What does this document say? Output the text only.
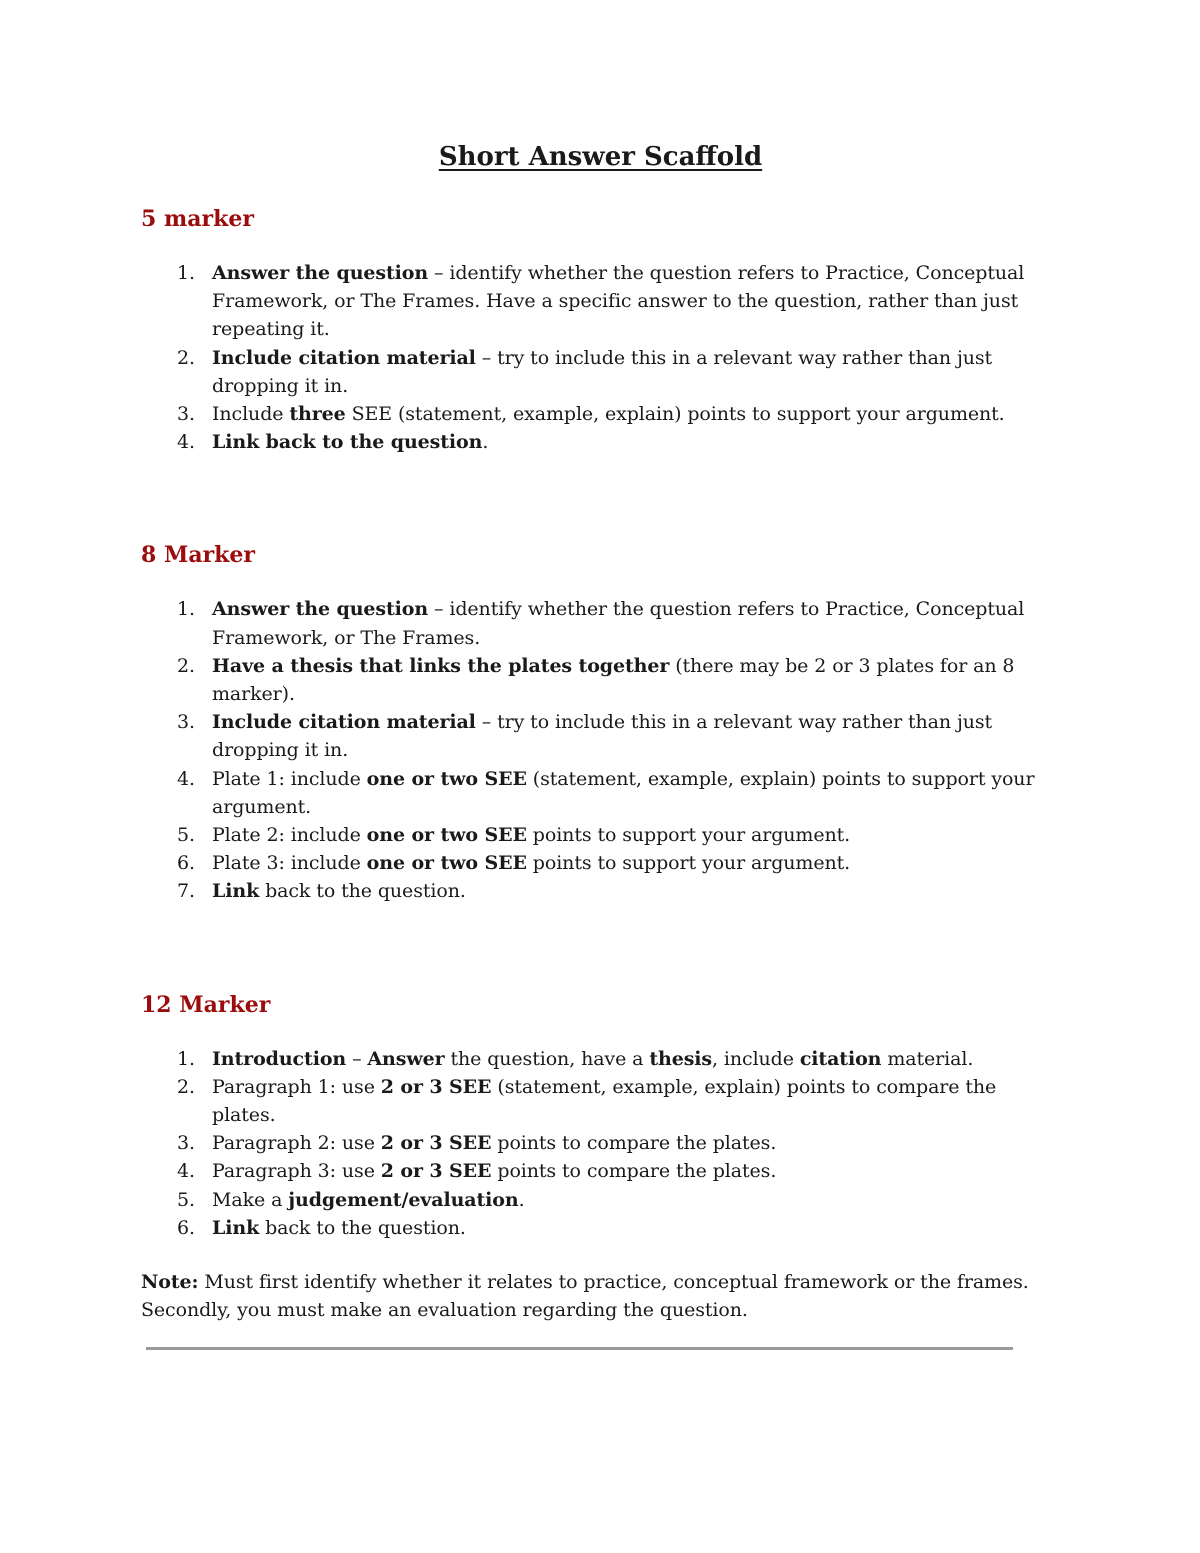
Short Answer Scaffold
5 marker
1. Answer the question – identify whether the question refers to Practice, Conceptual Framework, or The Frames. Have a specific answer to the question, rather than just repeating it.
2. Include citation material – try to include this in a relevant way rather than just dropping it in.
3. Include three SEE (statement, example, explain) points to support your argument.
4. Link back to the question.
8 Marker
1. Answer the question – identify whether the question refers to Practice, Conceptual Framework, or The Frames.
2. Have a thesis that links the plates together (there may be 2 or 3 plates for an 8 marker).
3. Include citation material – try to include this in a relevant way rather than just dropping it in.
4. Plate 1: include one or two SEE (statement, example, explain) points to support your argument.
5. Plate 2: include one or two SEE points to support your argument.
6. Plate 3: include one or two SEE points to support your argument.
7. Link back to the question.
12 Marker
1. Introduction – Answer the question, have a thesis, include citation material.
2. Paragraph 1: use 2 or 3 SEE (statement, example, explain) points to compare the plates.
3. Paragraph 2: use 2 or 3 SEE points to compare the plates.
4. Paragraph 3: use 2 or 3 SEE points to compare the plates.
5. Make a judgement/evaluation.
6. Link back to the question.
Note: Must first identify whether it relates to practice, conceptual framework or the frames. Secondly, you must make an evaluation regarding the question.
